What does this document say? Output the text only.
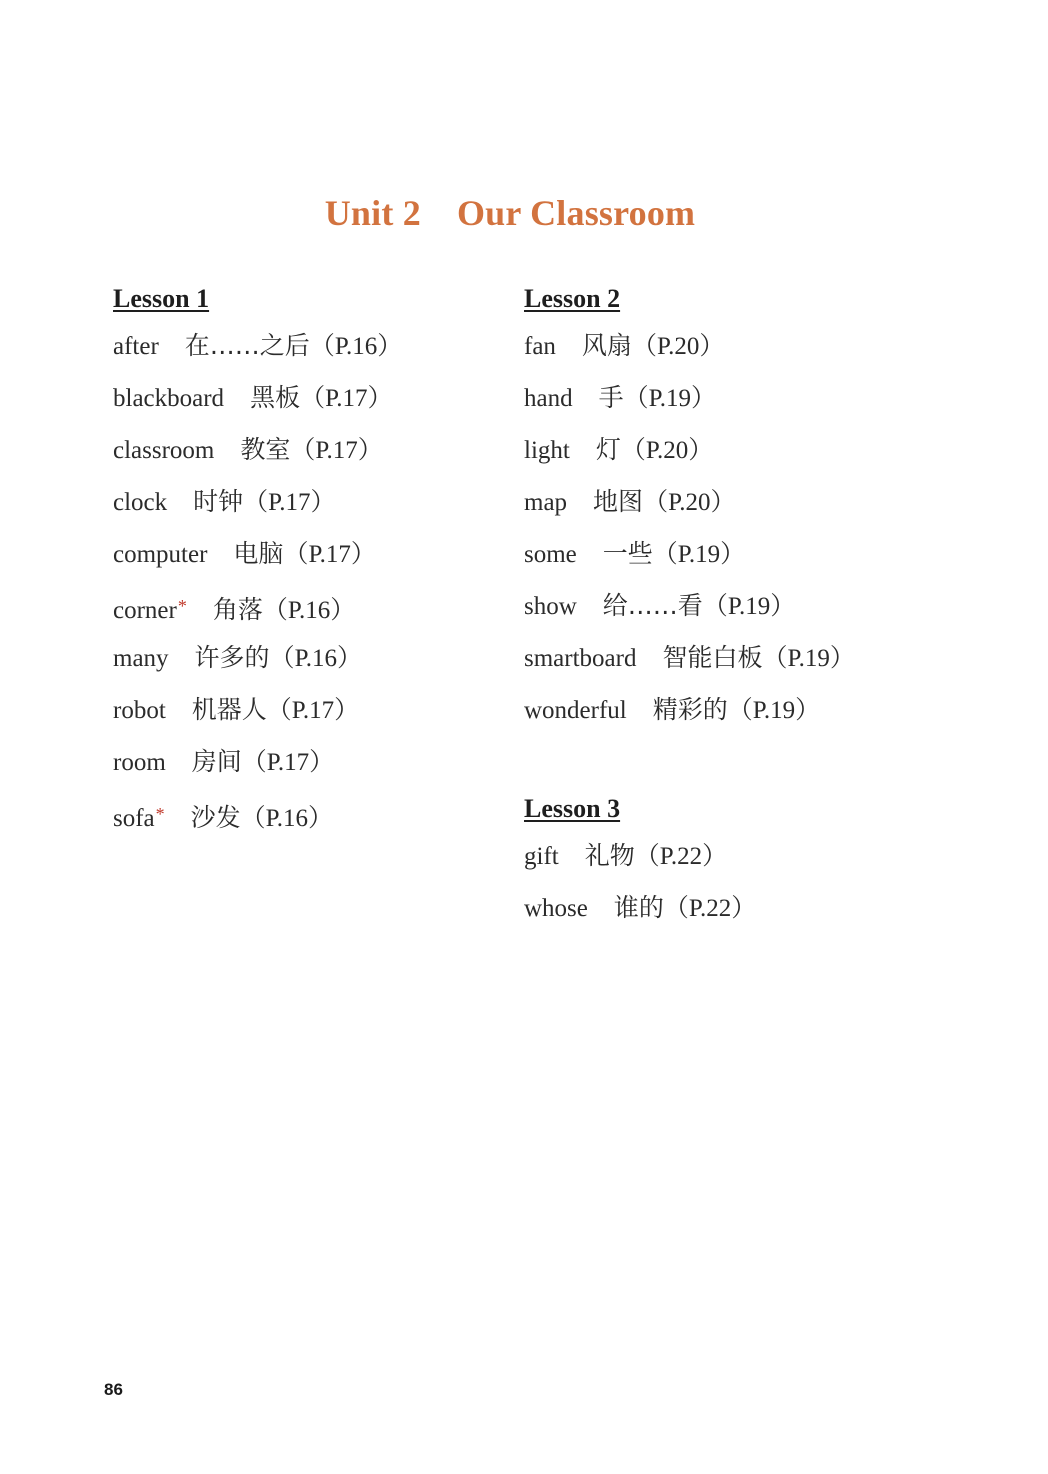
Unit 2 Our Classroom
Lesson 1
after 在……之后（P.16）
blackboard 黑板（P.17）
classroom 教室（P.17）
clock 时钟（P.17）
computer 电脑（P.17）
corner* 角落（P.16）
many 许多的（P.16）
robot 机器人（P.17）
room 房间（P.17）
sofa* 沙发（P.16）
Lesson 2
fan 风扇（P.20）
hand 手（P.19）
light 灯（P.20）
map 地图（P.20）
some 一些（P.19）
show 给……看（P.19）
smartboard 智能白板（P.19）
wonderful 精彩的（P.19）
Lesson 3
gift 礼物（P.22）
whose 谁的（P.22）
86
